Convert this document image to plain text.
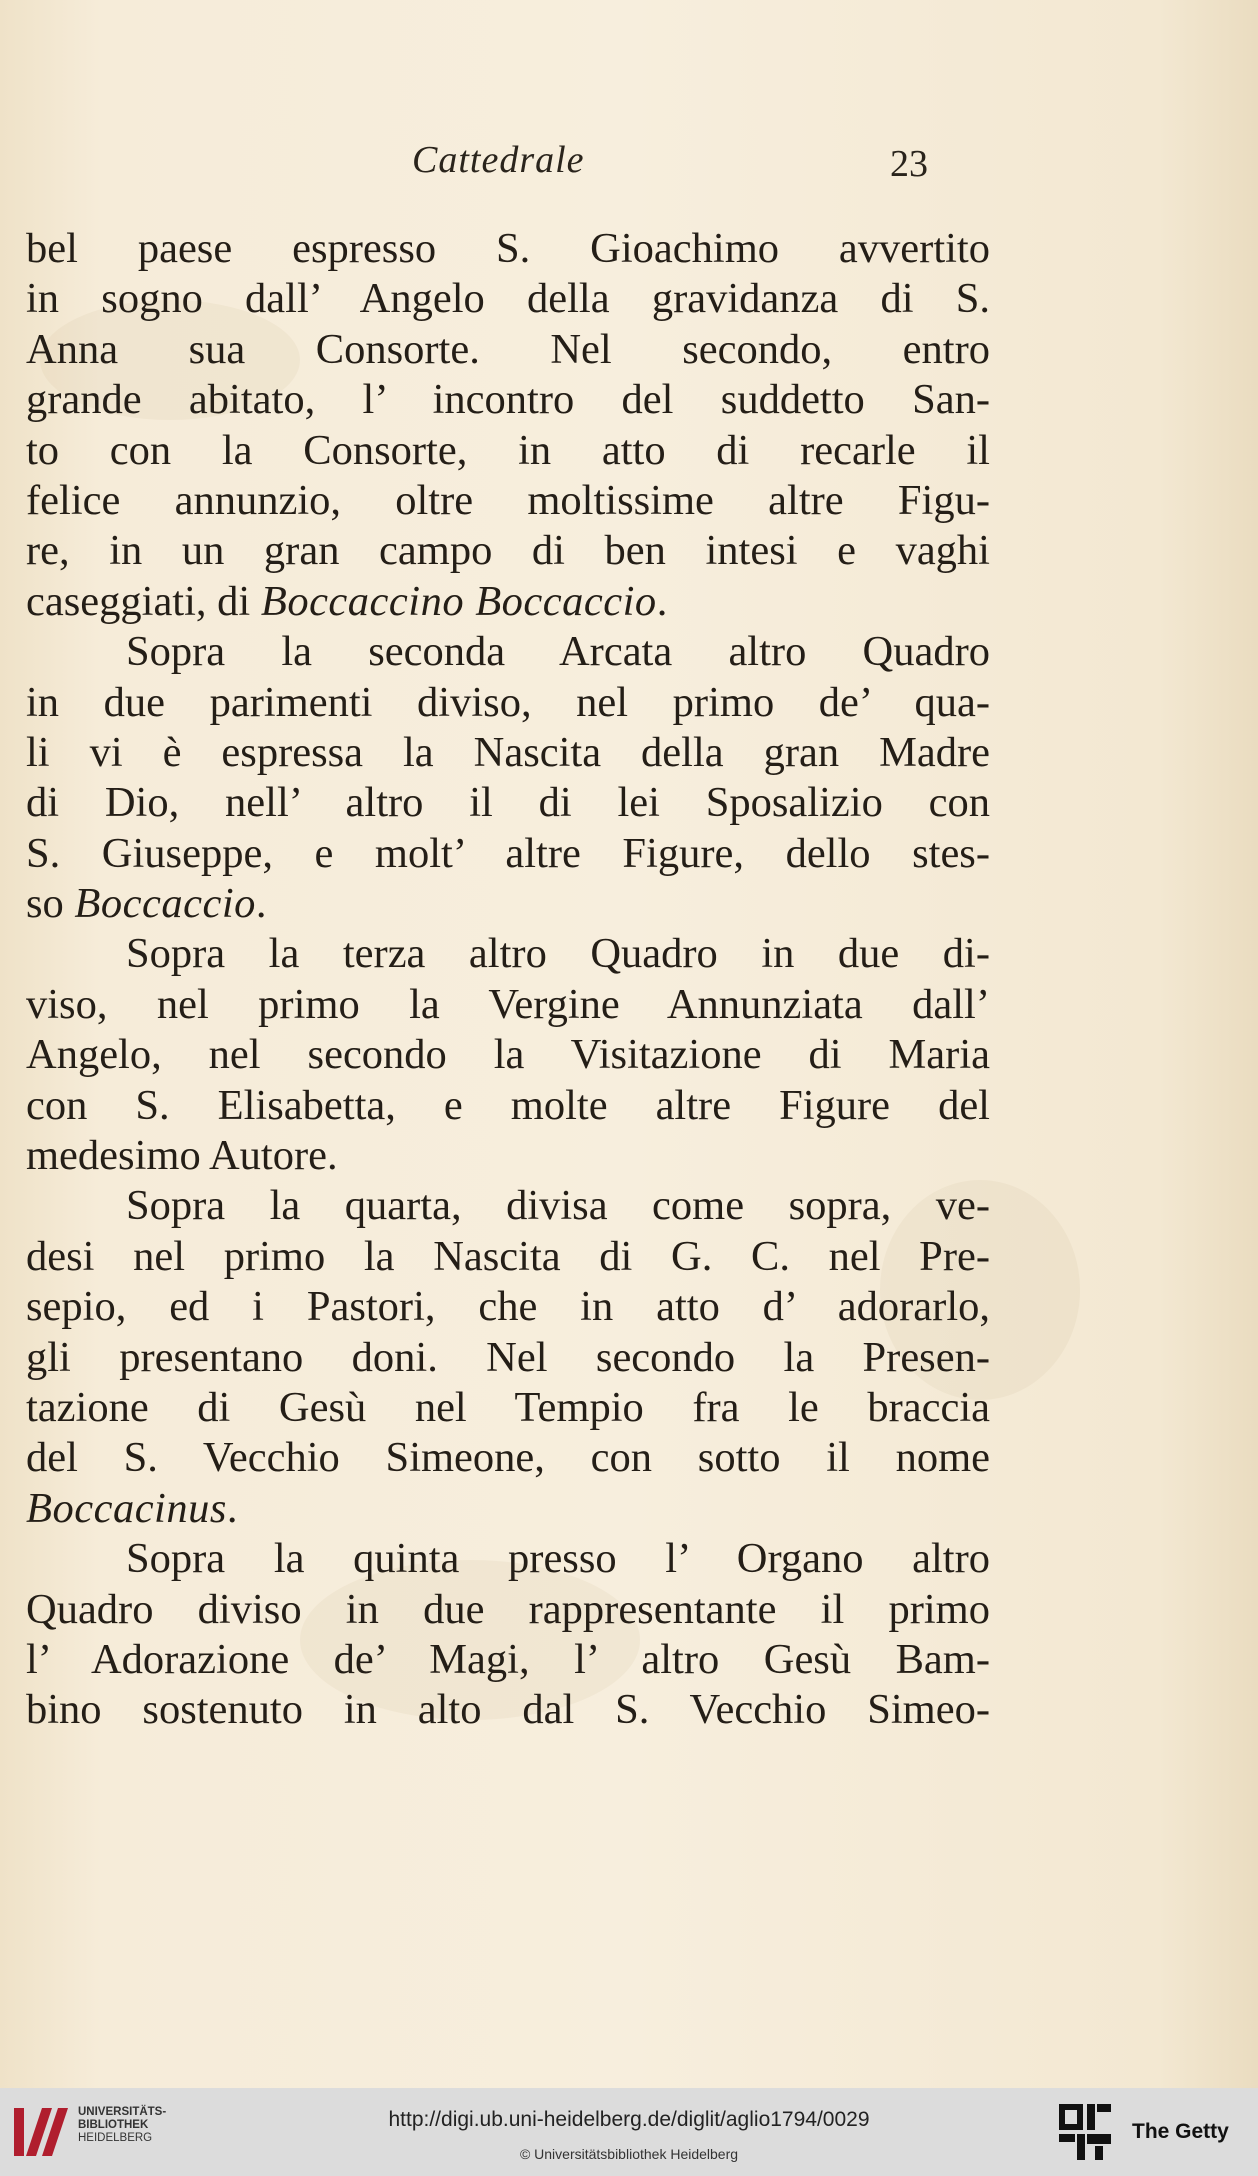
Cattedrale	23
bel paese espresso S. Gioachimo avvertito
in sogno dall’ Angelo della gravidanza di S.
Anna sua Consorte. Nel secondo, entro
grande abitato, l’ incontro del suddetto San-
to con la Consorte, in atto di recarle il
felice annunzio, oltre moltissime altre Figu-
re, in un gran campo di ben intesi e vaghi
caseggiati, di Boccaccino Boccaccio.
Sopra la seconda Arcata altro Quadro
in due parimenti diviso, nel primo de’ qua-
li vi è espressa la Nascita della gran Madre
di Dio, nell’ altro il di lei Sposalizio con
S. Giuseppe, e molt’ altre Figure, dello stes-
so Boccaccio.
Sopra la terza altro Quadro in due di-
viso, nel primo la Vergine Annunziata dall’
Angelo, nel secondo la Visitazione di Maria
con S. Elisabetta, e molte altre Figure del
medesimo Autore.
Sopra la quarta, divisa come sopra, ve-
desi nel primo la Nascita di G. C. nel Pre-
sepio, ed i Pastori, che in atto d’ adorarlo,
gli presentano doni. Nel secondo la Presen-
tazione di Gesù nel Tempio fra le braccia
del S. Vecchio Simeone, con sotto il nome
Boccacinus.
Sopra la quinta presso l’ Organo altro
Quadro diviso in due rappresentante il primo
l’ Adorazione de’ Magi, l’ altro Gesù Bam-
bino sostenuto in alto dal S. Vecchio Simeo-
UNIVERSITÄTS-
BIBLIOTHEK
HEIDELBERG
http://digi.ub.uni-heidelberg.de/diglit/aglio1794/0029
© Universitätsbibliothek Heidelberg
The Getty
